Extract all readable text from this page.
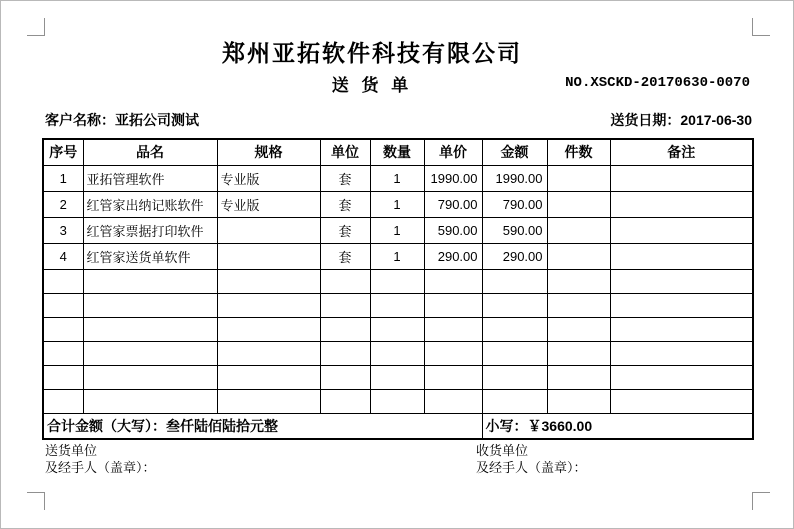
郑州亚拓软件科技有限公司
送 货 单	NO.XSCKD-20170630-0070
客户名称：亚拓公司测试	送货日期：2017-06-30
序号	品名	规格	单位	数量	单价	金额	件数	备注
1	亚拓管理软件	专业版	套	1	1990.00	1990.00		
2	红管家出纳记账软件	专业版	套	1	790.00	790.00		
3	红管家票据打印软件		套	1	590.00	590.00		
4	红管家送货单软件		套	1	290.00	290.00		

合计金额（大写）：叁仟陆佰陆拾元整						小写：￥3660.00		
送货单位
及经手人（盖章）：
收货单位
及经手人（盖章）：
